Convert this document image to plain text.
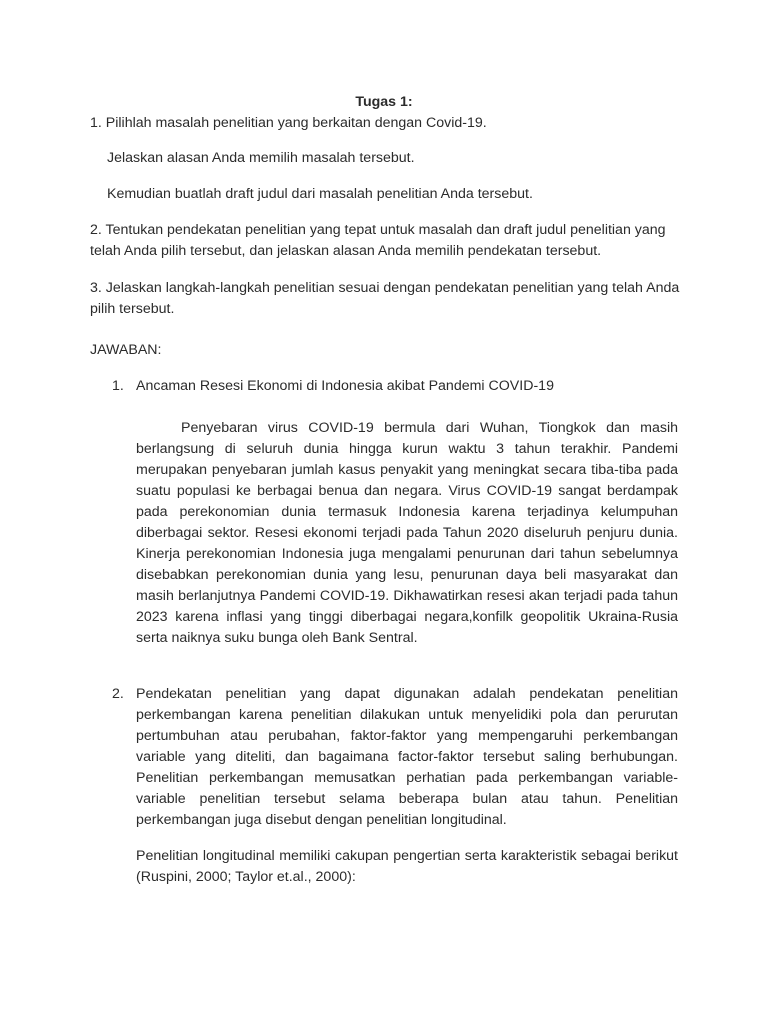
Tugas 1:

1. Pilihlah masalah penelitian yang berkaitan dengan Covid-19.

Jelaskan alasan Anda memilih masalah tersebut.

Kemudian buatlah draft judul dari masalah penelitian Anda tersebut.

2. Tentukan pendekatan penelitian yang tepat untuk masalah dan draft judul penelitian yang telah Anda pilih tersebut, dan jelaskan alasan Anda memilih pendekatan tersebut.

3. Jelaskan langkah-langkah penelitian sesuai dengan pendekatan penelitian yang telah Anda pilih tersebut.

JAWABAN:

1. Ancaman Resesi Ekonomi di Indonesia akibat Pandemi COVID-19

Penyebaran virus COVID-19 bermula dari Wuhan, Tiongkok dan masih berlangsung di seluruh dunia hingga kurun waktu 3 tahun terakhir. Pandemi merupakan penyebaran jumlah kasus penyakit yang meningkat secara tiba-tiba pada suatu populasi ke berbagai benua dan negara. Virus COVID-19 sangat berdampak pada perekonomian dunia termasuk Indonesia karena terjadinya kelumpuhan diberbagai sektor. Resesi ekonomi terjadi pada Tahun 2020 diseluruh penjuru dunia. Kinerja perekonomian Indonesia juga mengalami penurunan dari tahun sebelumnya disebabkan perekonomian dunia yang lesu, penurunan daya beli masyarakat dan masih berlanjutnya Pandemi COVID-19. Dikhawatirkan resesi akan terjadi pada tahun 2023 karena inflasi yang tinggi diberbagai negara,konfilk geopolitik Ukraina-Rusia serta naiknya suku bunga oleh Bank Sentral.

2. Pendekatan penelitian yang dapat digunakan adalah pendekatan penelitian perkembangan karena penelitian dilakukan untuk menyelidiki pola dan perurutan pertumbuhan atau perubahan, faktor-faktor yang mempengaruhi perkembangan variable yang diteliti, dan bagaimana factor-faktor tersebut saling berhubungan. Penelitian perkembangan memusatkan perhatian pada perkembangan variable-variable penelitian tersebut selama beberapa bulan atau tahun. Penelitian perkembangan juga disebut dengan penelitian longitudinal.

Penelitian longitudinal memiliki cakupan pengertian serta karakteristik sebagai berikut (Ruspini, 2000; Taylor et.al., 2000):
